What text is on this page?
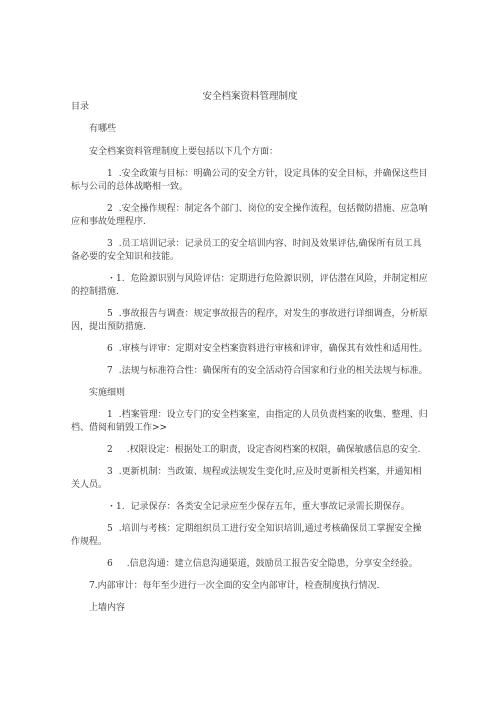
安全档案资料管理制度
目录
有哪些
安全档案资料管理制度上要包括以下几个方面：
1 .安全政策与目标：明确公司的安全方针，设定具体的安全目标，并确保这些目标与公司的总体战略相一致。
2 .安全操作规程：制定各个部门、岗位的安全操作流程，包括微防措施、应急响应和事故处理程序.
3 .员工培训记录：记录员工的安全培训内容、时间及效果评估,确保所有员工具备必要的安全知识和技能。
・1. 危险源识别与风险评估：定期进行危险源识别，评估潜在风险，并制定相应的控制措施.
5 .事故报告与调查：规定事故报告的程序，对发生的事故进行详细调查，分析原因，提出预防措施.
6 .审核与评审：定期对安全档案资料进行审核和评审，确保其有效性和适用性。
7 .法规与标准符合性：确保所有的安全活动符合国家和行业的相关法规与标准。
实施细则
1 .档案管理：设立专门的安全档案室，由指定的人员负责档案的收集、整理、归档、借阅和销毁工作>>
2 .权限设定：根据处工的职责，设定杳阅档案的权限，确保敏感信息的安全.
3 .更新机制：当政策、规程或法规发生变化时,应及时更新相关档案，并通知相关人员。
・1. 记录保存：各类安全记录应至少保存五年，重大事故记录需长期保存。
5 .培训与考核：定期组织员工进行安全知识培训,通过考核确保员工掌握安全操作规程。
6 .信息沟通：建立信息沟通渠道，鼓励员工报告安全隐患，分享安全经验。
7.内部审计：每年至少进行一次全面的安全内部审计，检查制度执行情况.
上墙内容
